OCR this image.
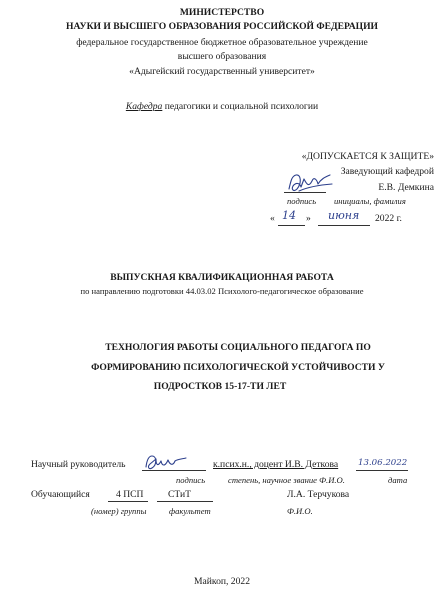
МИНИСТЕРСТВО
НАУКИ И ВЫСШЕГО ОБРАЗОВАНИЯ РОССИЙСКОЙ ФЕДЕРАЦИИ
федеральное государственное бюджетное образовательное учреждение
высшего образования
«Адыгейский государственный университет»
Кафедра педагогики и социальной психологии
«ДОПУСКАЕТСЯ К ЗАЩИТЕ»
Заведующий кафедрой
Е.В. Демкина
подпись инициалы, фамилия
« 14 » июня 2022 г.
ВЫПУСКНАЯ КВАЛИФИКАЦИОННАЯ РАБОТА
по направлению подготовки 44.03.02 Психолого-педагогическое образование
ТЕХНОЛОГИЯ РАБОТЫ СОЦИАЛЬНОГО ПЕДАГОГА ПО
ФОРМИРОВАНИЮ ПСИХОЛОГИЧЕСКОЙ УСТОЙЧИВОСТИ У
ПОДРОСТКОВ 15-17-ТИ ЛЕТ
Научный руководитель	к.псих.н., доцент И.В. Деткова 13.06.2022
подпись	степень, научное звание Ф.И.О.	дата
Обучающийся	4 ПСП	СТиТ	Л.А. Терчукова
(номер) группы	факультет	Ф.И.О.
Майкоп, 2022
